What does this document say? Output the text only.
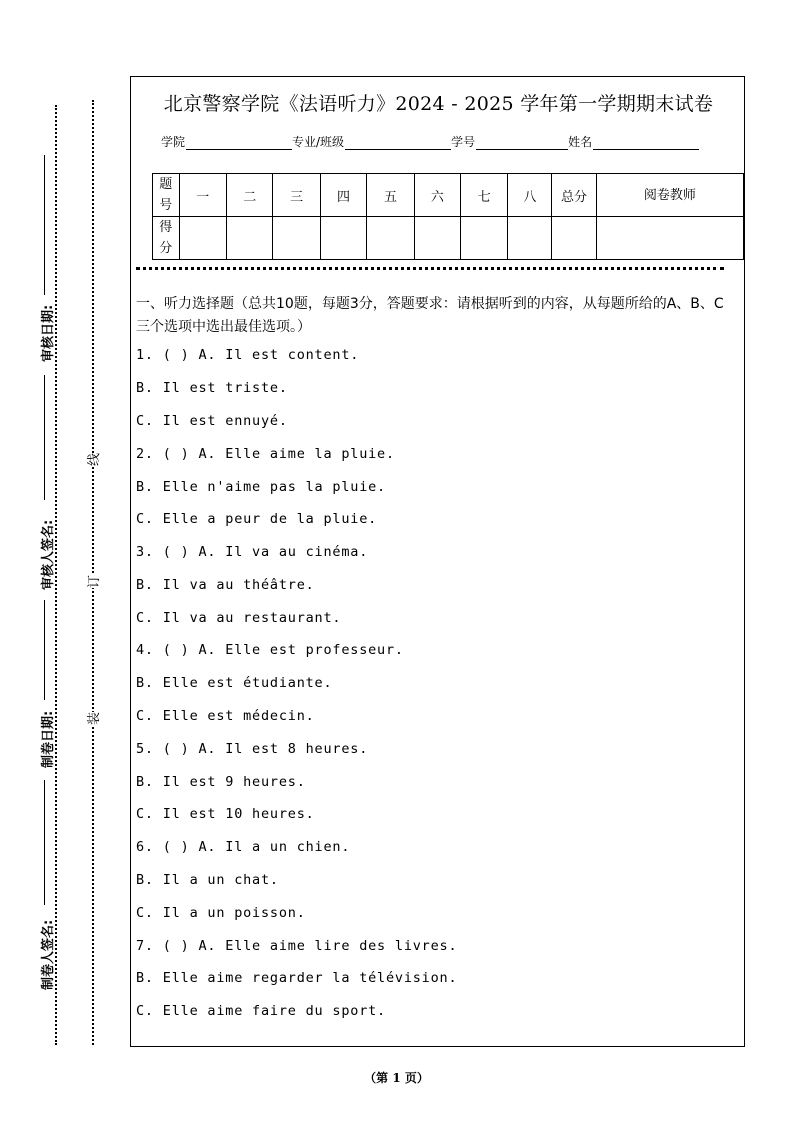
审核日期:
审核人签名:
制卷日期:
制卷人签名:
线
订
装
北京警察学院《法语听力》2024 - 2025 学年第一学期期末试卷
学院	专业/班级	学号	姓名
题号	一	二	三	四	五	六	七	八	总分	阅卷教师
得分										
一、听力选择题（总共10题，每题3分，答题要求：请根据听到的内容，从每题所给的A、B、C三个选项中选出最佳选项。）
1. ( ) A. Il est content.
B. Il est triste.
C. Il est ennuyé.
2. ( ) A. Elle aime la pluie.
B. Elle n'aime pas la pluie.
C. Elle a peur de la pluie.
3. ( ) A. Il va au cinéma.
B. Il va au théâtre.
C. Il va au restaurant.
4. ( ) A. Elle est professeur.
B. Elle est étudiante.
C. Elle est médecin.
5. ( ) A. Il est 8 heures.
B. Il est 9 heures.
C. Il est 10 heures.
6. ( ) A. Il a un chien.
B. Il a un chat.
C. Il a un poisson.
7. ( ) A. Elle aime lire des livres.
B. Elle aime regarder la télévision.
C. Elle aime faire du sport.
（第 1 页）
